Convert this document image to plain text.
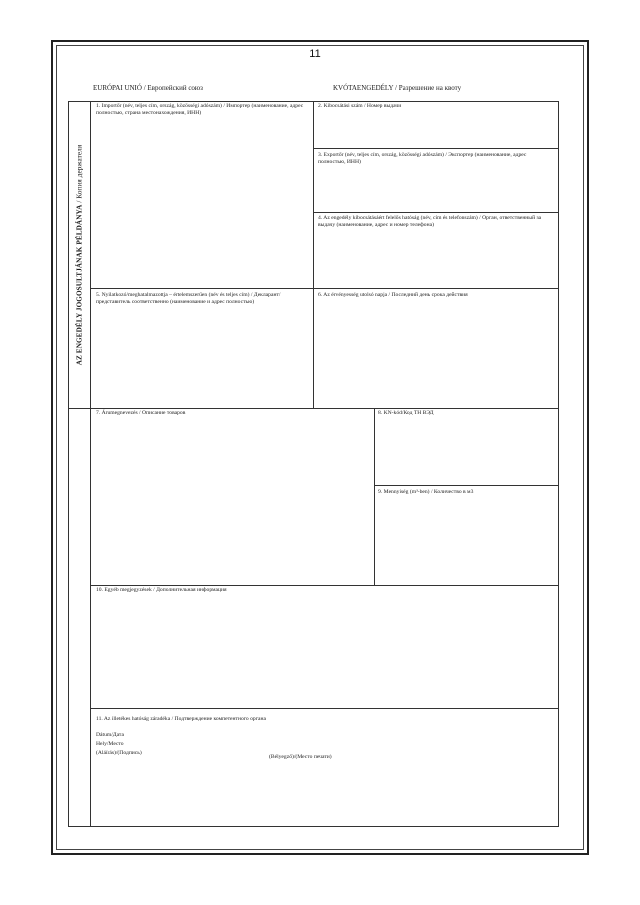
11
EURÓPAI UNIÓ / Европейский союз	KVÓTAENGEDÉLY / Разрешение на квоту
AZ ENGEDÉLY JOGOSULTJÁNAK PÉLDÁNYA / Копия держателя
1. Importőr (név, teljes cím, ország, közösségi adószám) / Импортер (наименование, адрес полностью, страна местонахождения, ИНН)
2. Kibocsátási szám / Номер выдачи
3. Exportőr (név, teljes cím, ország, közösségi adószám) / Экспортер (наименование, адрес полностью, ИНН)
4. Az engedély kibocsátásáért felelős hatóság (név, cím és telefonszám) / Орган, ответственный за выдачу (наименование, адрес и номер телефона)
5. Nyilatkozó/meghatalmazottja – értelemszerűen (név és teljes cím) / Декларант/представитель соответственно (наименование и адрес полностью)
6. Az érvényesség utolsó napja / Последний день срока действия
7. Árumegnevezés / Описание товаров	8. KN-kód/Код ТН ВЭД
9. Mennyiség (m³-ben) / Количество в м3
10. Egyéb megjegyzések / Дополнительная информация
11. Az illetékes hatóság záradéka / Подтверждение компетентного органа
Dátum/Дата
Hely/Место
(Aláírás)/(Подпись)
(Bélyegző)/(Место печати)
